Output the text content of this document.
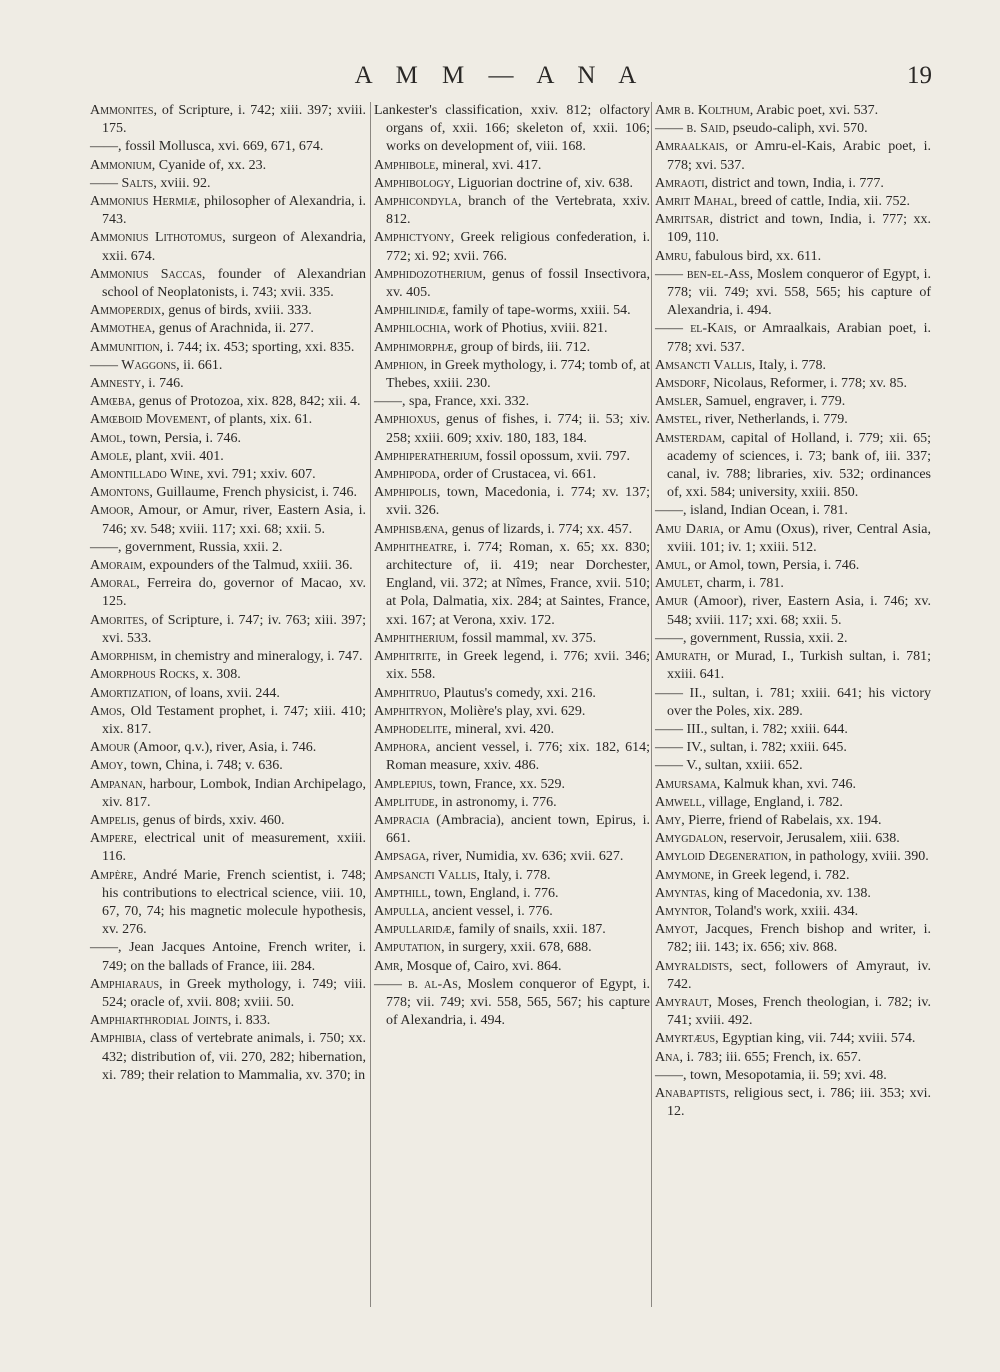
A M M — A N A	19

Ammonites, of Scripture, i. 742; xiii. 397; xviii. 175.

——, fossil Mollusca, xvi. 669, 671, 674.

Ammonium, Cyanide of, xx. 23.

—— Salts, xviii. 92.

Ammonius Hermiæ, philosopher of Alexandria, i. 743.

Ammonius Lithotomus, surgeon of Alexandria, xxii. 674.

Ammonius Saccas, founder of Alexandrian school of Neoplatonists, i. 743; xvii. 335.

Ammoperdix, genus of birds, xviii. 333.

Ammothea, genus of Arachnida, ii. 277.

Ammunition, i. 744; ix. 453; sporting, xxi. 835.

—— Waggons, ii. 661.

Amnesty, i. 746.

Amœba, genus of Protozoa, xix. 828, 842; xii. 4.

Amœboid Movement, of plants, xix. 61.

Amol, town, Persia, i. 746.

Amole, plant, xvii. 401.

Amontillado Wine, xvi. 791; xxiv. 607.

Amontons, Guillaume, French physicist, i. 746.

Amoor, Amour, or Amur, river, Eastern Asia, i. 746; xv. 548; xviii. 117; xxi. 68; xxii. 5.

——, government, Russia, xxii. 2.

Amoraim, expounders of the Talmud, xxiii. 36.

Amoral, Ferreira do, governor of Macao, xv. 125.

Amorites, of Scripture, i. 747; iv. 763; xiii. 397; xvi. 533.

Amorphism, in chemistry and mineralogy, i. 747.

Amorphous Rocks, x. 308.

Amortization, of loans, xvii. 244.

Amos, Old Testament prophet, i. 747; xiii. 410; xix. 817.

Amour (Amoor, q.v.), river, Asia, i. 746.

Amoy, town, China, i. 748; v. 636.

Ampanan, harbour, Lombok, Indian Archipelago, xiv. 817.

Ampelis, genus of birds, xxiv. 460.

Ampere, electrical unit of measurement, xxiii. 116.

Ampère, André Marie, French scientist, i. 748; his contributions to electrical science, viii. 10, 67, 70, 74; his magnetic molecule hypothesis, xv. 276.

——, Jean Jacques Antoine, French writer, i. 749; on the ballads of France, iii. 284.

Amphiaraus, in Greek mythology, i. 749; viii. 524; oracle of, xvii. 808; xviii. 50.

Amphiarthrodial Joints, i. 833.

Amphibia, class of vertebrate animals, i. 750; xx. 432; distribution of, vii. 270, 282; hibernation, xi. 789; their relation to Mammalia, xv. 370; in

Lankester's classification, xxiv. 812; olfactory organs of, xxii. 166; skeleton of, xxii. 106; works on development of, viii. 168.

Amphibole, mineral, xvi. 417.

Amphibology, Liguorian doctrine of, xiv. 638.

Amphicondyla, branch of the Vertebrata, xxiv. 812.

Amphictyony, Greek religious confederation, i. 772; xi. 92; xvii. 766.

Amphidozotherium, genus of fossil Insectivora, xv. 405.

Amphilinidæ, family of tape-worms, xxiii. 54.

Amphilochia, work of Photius, xviii. 821.

Amphimorphæ, group of birds, iii. 712.

Amphion, in Greek mythology, i. 774; tomb of, at Thebes, xxiii. 230.

——, spa, France, xxi. 332.

Amphioxus, genus of fishes, i. 774; ii. 53; xiv. 258; xxiii. 609; xxiv. 180, 183, 184.

Amphiperatherium, fossil opossum, xvii. 797.

Amphipoda, order of Crustacea, vi. 661.

Amphipolis, town, Macedonia, i. 774; xv. 137; xvii. 326.

Amphisbæna, genus of lizards, i. 774; xx. 457.

Amphitheatre, i. 774; Roman, x. 65; xx. 830; architecture of, ii. 419; near Dorchester, England, vii. 372; at Nîmes, France, xvii. 510; at Pola, Dalmatia, xix. 284; at Saintes, France, xxi. 167; at Verona, xxiv. 172.

Amphitherium, fossil mammal, xv. 375.

Amphitrite, in Greek legend, i. 776; xvii. 346; xix. 558.

Amphitruo, Plautus's comedy, xxi. 216.

Amphitryon, Molière's play, xvi. 629.

Amphodelite, mineral, xvi. 420.

Amphora, ancient vessel, i. 776; xix. 182, 614; Roman measure, xxiv. 486.

Amplepius, town, France, xx. 529.

Amplitude, in astronomy, i. 776.

Ampracia (Ambracia), ancient town, Epirus, i. 661.

Ampsaga, river, Numidia, xv. 636; xvii. 627.

Ampsancti Vallis, Italy, i. 778.

Ampthill, town, England, i. 776.

Ampulla, ancient vessel, i. 776.

Ampullaridæ, family of snails, xxii. 187.

Amputation, in surgery, xxii. 678, 688.

Amr, Mosque of, Cairo, xvi. 864.

—— b. al-As, Moslem conqueror of Egypt, i. 778; vii. 749; xvi. 558, 565, 567; his capture of Alexandria, i. 494.

Amr b. Kolthum, Arabic poet, xvi. 537.

—— b. Said, pseudo-caliph, xvi. 570.

Amraalkais, or Amru-el-Kais, Arabic poet, i. 778; xvi. 537.

Amraoti, district and town, India, i. 777.

Amrit Mahal, breed of cattle, India, xii. 752.

Amritsar, district and town, India, i. 777; xx. 109, 110.

Amru, fabulous bird, xx. 611.

—— ben-el-Ass, Moslem conqueror of Egypt, i. 778; vii. 749; xvi. 558, 565; his capture of Alexandria, i. 494.

—— el-Kais, or Amraalkais, Arabian poet, i. 778; xvi. 537.

Amsancti Vallis, Italy, i. 778.

Amsdorf, Nicolaus, Reformer, i. 778; xv. 85.

Amsler, Samuel, engraver, i. 779.

Amstel, river, Netherlands, i. 779.

Amsterdam, capital of Holland, i. 779; xii. 65; academy of sciences, i. 73; bank of, iii. 337; canal, iv. 788; libraries, xiv. 532; ordinances of, xxi. 584; university, xxiii. 850.

——, island, Indian Ocean, i. 781.

Amu Daria, or Amu (Oxus), river, Central Asia, xviii. 101; iv. 1; xxiii. 512.

Amul, or Amol, town, Persia, i. 746.

Amulet, charm, i. 781.

Amur (Amoor), river, Eastern Asia, i. 746; xv. 548; xviii. 117; xxi. 68; xxii. 5.

——, government, Russia, xxii. 2.

Amurath, or Murad, I., Turkish sultan, i. 781; xxiii. 641.

—— II., sultan, i. 781; xxiii. 641; his victory over the Poles, xix. 289.

—— III., sultan, i. 782; xxiii. 644.

—— IV., sultan, i. 782; xxiii. 645.

—— V., sultan, xxiii. 652.

Amursama, Kalmuk khan, xvi. 746.

Amwell, village, England, i. 782.

Amy, Pierre, friend of Rabelais, xx. 194.

Amygdalon, reservoir, Jerusalem, xiii. 638.

Amyloid Degeneration, in pathology, xviii. 390.

Amymone, in Greek legend, i. 782.

Amyntas, king of Macedonia, xv. 138.

Amyntor, Toland's work, xxiii. 434.

Amyot, Jacques, French bishop and writer, i. 782; iii. 143; ix. 656; xiv. 868.

Amyraldists, sect, followers of Amyraut, iv. 742.

Amyraut, Moses, French theologian, i. 782; iv. 741; xviii. 492.

Amyrtæus, Egyptian king, vii. 744; xviii. 574.

Ana, i. 783; iii. 655; French, ix. 657.

——, town, Mesopotamia, ii. 59; xvi. 48.

Anabaptists, religious sect, i. 786; iii. 353; xvi. 12.
